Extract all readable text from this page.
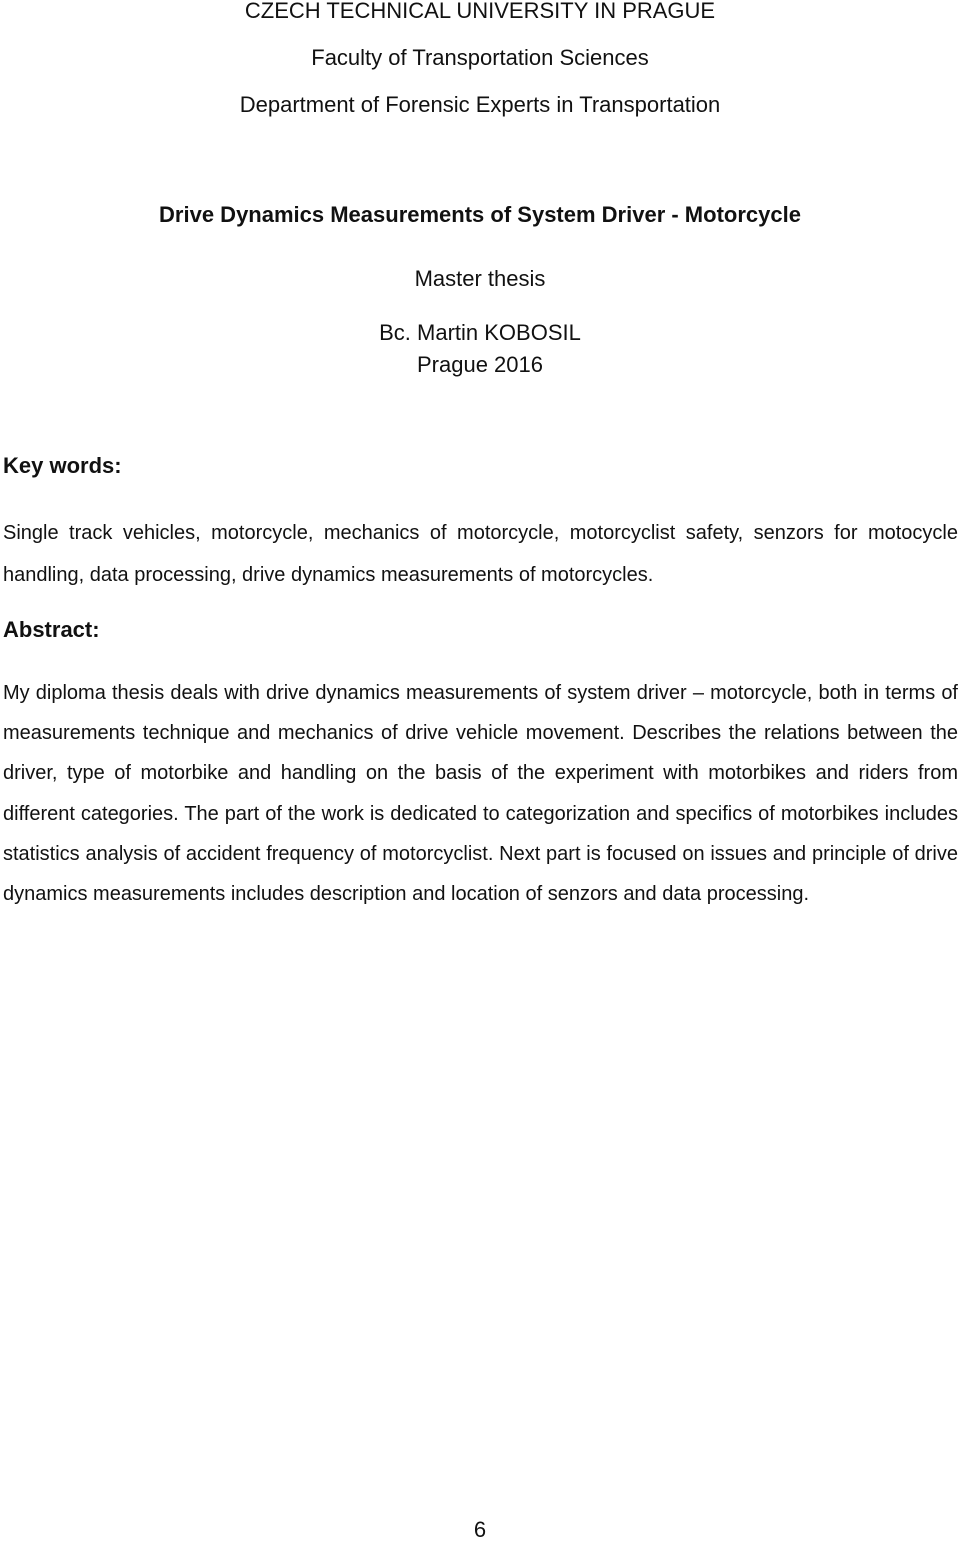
CZECH TECHNICAL UNIVERSITY IN PRAGUE
Faculty of Transportation Sciences
Department of Forensic Experts in Transportation
Drive Dynamics Measurements of System Driver - Motorcycle
Master thesis
Bc. Martin KOBOSIL
Prague 2016
Key words:
Single track vehicles, motorcycle, mechanics of motorcycle, motorcyclist safety, senzors for motocycle handling, data processing, drive dynamics measurements of motorcycles.
Abstract:
My diploma thesis deals with drive dynamics measurements of system driver – motorcycle, both in terms of measurements technique and mechanics of drive vehicle movement. Describes the relations between the driver, type of motorbike and handling on the basis of the experiment with motorbikes and riders from different categories. The part of the work is dedicated to categorization and specifics of motorbikes includes statistics analysis of accident frequency of motorcyclist. Next part is focused on issues and principle of drive dynamics measurements includes description and location of senzors and data processing.
6
